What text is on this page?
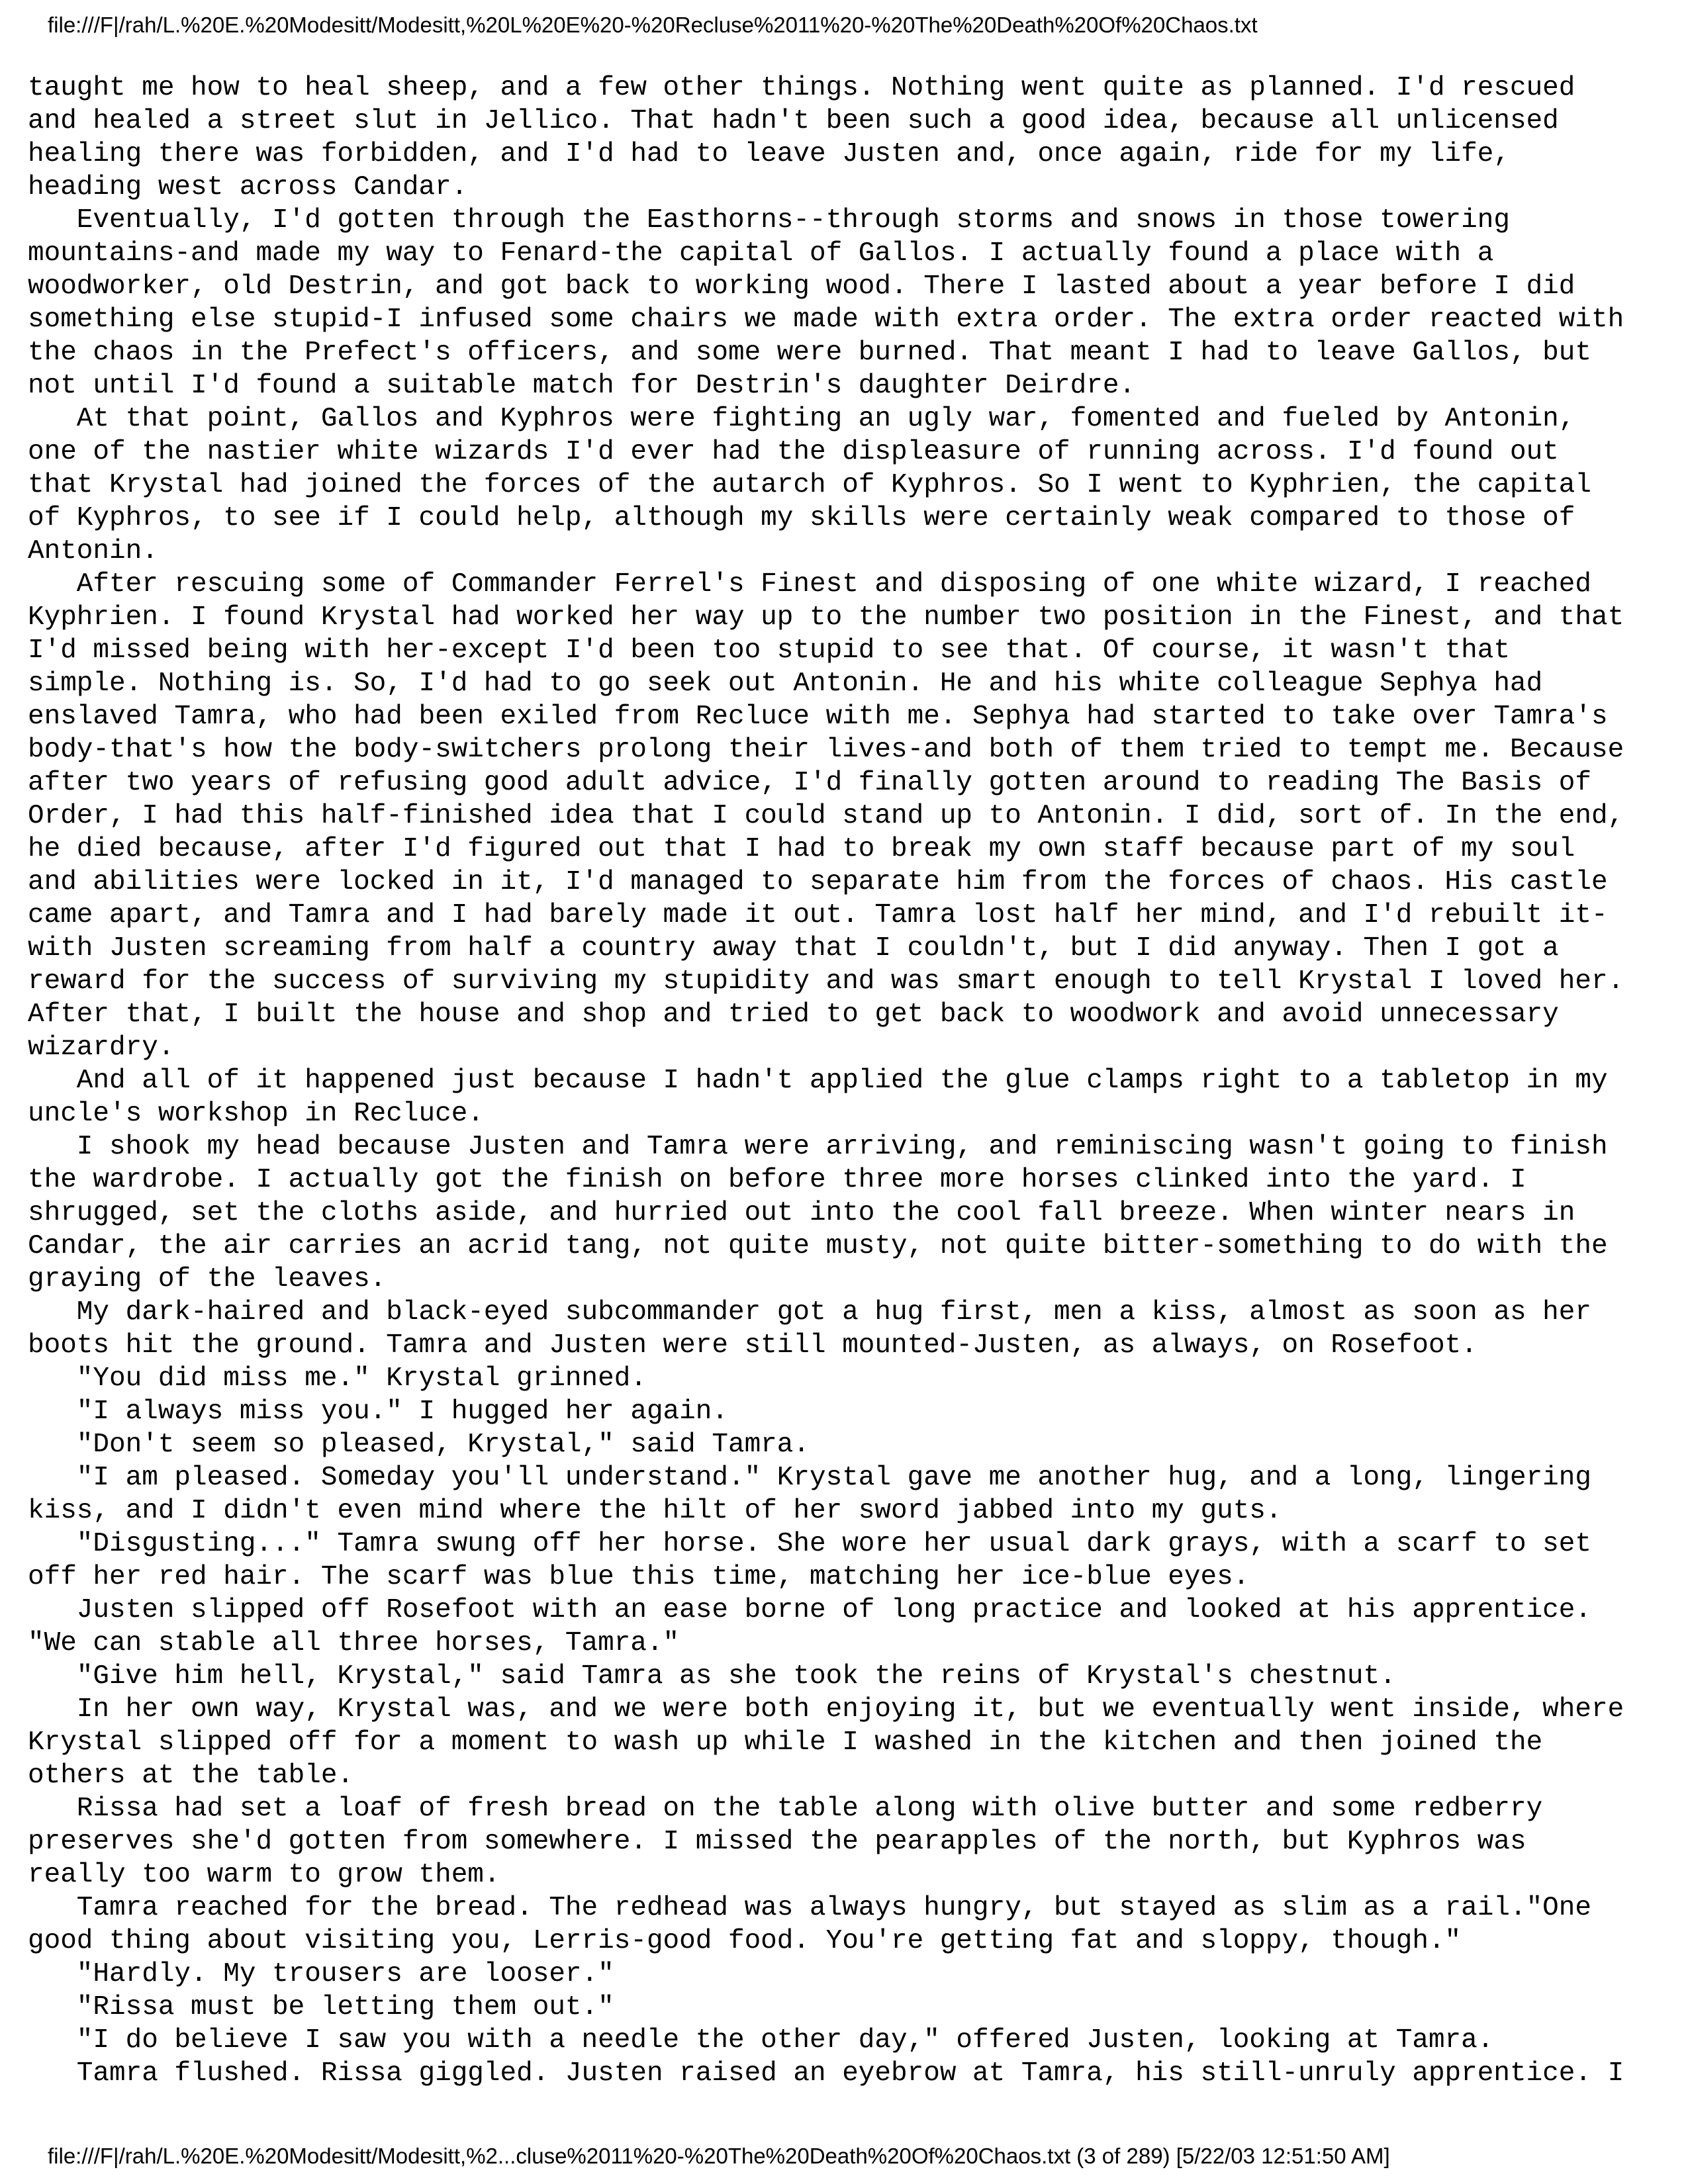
file:///F|/rah/L.%20E.%20Modesitt/Modesitt,%20L%20E%20-%20Recluse%2011%20-%20The%20Death%20Of%20Chaos.txt
taught me how to heal sheep, and a few other things. Nothing went quite as planned. I'd rescued
and healed a street slut in Jellico. That hadn't been such a good idea, because all unlicensed
healing there was forbidden, and I'd had to leave Justen and, once again, ride for my life,
heading west across Candar.
Eventually, I'd gotten through the Easthorns--through storms and snows in those towering
mountains-and made my way to Fenard-the capital of Gallos. I actually found a place with a
woodworker, old Destrin, and got back to working wood. There I lasted about a year before I did
something else stupid-I infused some chairs we made with extra order. The extra order reacted with
the chaos in the Prefect's officers, and some were burned. That meant I had to leave Gallos, but
not until I'd found a suitable match for Destrin's daughter Deirdre.
At that point, Gallos and Kyphros were fighting an ugly war, fomented and fueled by Antonin,
one of the nastier white wizards I'd ever had the displeasure of running across. I'd found out
that Krystal had joined the forces of the autarch of Kyphros. So I went to Kyphrien, the capital
of Kyphros, to see if I could help, although my skills were certainly weak compared to those of
Antonin.
After rescuing some of Commander Ferrel's Finest and disposing of one white wizard, I reached
Kyphrien. I found Krystal had worked her way up to the number two position in the Finest, and that
I'd missed being with her-except I'd been too stupid to see that. Of course, it wasn't that
simple. Nothing is. So, I'd had to go seek out Antonin. He and his white colleague Sephya had
enslaved Tamra, who had been exiled from Recluce with me. Sephya had started to take over Tamra's
body-that's how the body-switchers prolong their lives-and both of them tried to tempt me. Because
after two years of refusing good adult advice, I'd finally gotten around to reading The Basis of
Order, I had this half-finished idea that I could stand up to Antonin. I did, sort of. In the end,
he died because, after I'd figured out that I had to break my own staff because part of my soul
and abilities were locked in it, I'd managed to separate him from the forces of chaos. His castle
came apart, and Tamra and I had barely made it out. Tamra lost half her mind, and I'd rebuilt it-
with Justen screaming from half a country away that I couldn't, but I did anyway. Then I got a
reward for the success of surviving my stupidity and was smart enough to tell Krystal I loved her.
After that, I built the house and shop and tried to get back to woodwork and avoid unnecessary
wizardry.
And all of it happened just because I hadn't applied the glue clamps right to a tabletop in my
uncle's workshop in Recluce.
I shook my head because Justen and Tamra were arriving, and reminiscing wasn't going to finish
the wardrobe. I actually got the finish on before three more horses clinked into the yard. I
shrugged, set the cloths aside, and hurried out into the cool fall breeze. When winter nears in
Candar, the air carries an acrid tang, not quite musty, not quite bitter-something to do with the
graying of the leaves.
My dark-haired and black-eyed subcommander got a hug first, men a kiss, almost as soon as her
boots hit the ground. Tamra and Justen were still mounted-Justen, as always, on Rosefoot.
"You did miss me." Krystal grinned.
"I always miss you." I hugged her again.
"Don't seem so pleased, Krystal," said Tamra.
"I am pleased. Someday you'll understand." Krystal gave me another hug, and a long, lingering
kiss, and I didn't even mind where the hilt of her sword jabbed into my guts.
"Disgusting..." Tamra swung off her horse. She wore her usual dark grays, with a scarf to set
off her red hair. The scarf was blue this time, matching her ice-blue eyes.
Justen slipped off Rosefoot with an ease borne of long practice and looked at his apprentice.
"We can stable all three horses, Tamra."
"Give him hell, Krystal," said Tamra as she took the reins of Krystal's chestnut.
In her own way, Krystal was, and we were both enjoying it, but we eventually went inside, where
Krystal slipped off for a moment to wash up while I washed in the kitchen and then joined the
others at the table.
Rissa had set a loaf of fresh bread on the table along with olive butter and some redberry
preserves she'd gotten from somewhere. I missed the pearapples of the north, but Kyphros was
really too warm to grow them.
Tamra reached for the bread. The redhead was always hungry, but stayed as slim as a rail."One
good thing about visiting you, Lerris-good food. You're getting fat and sloppy, though."
"Hardly. My trousers are looser."
"Rissa must be letting them out."
"I do believe I saw you with a needle the other day," offered Justen, looking at Tamra.
Tamra flushed. Rissa giggled. Justen raised an eyebrow at Tamra, his still-unruly apprentice. I
file:///F|/rah/L.%20E.%20Modesitt/Modesitt,%2...cluse%2011%20-%20The%20Death%20Of%20Chaos.txt (3 of 289) [5/22/03 12:51:50 AM]
